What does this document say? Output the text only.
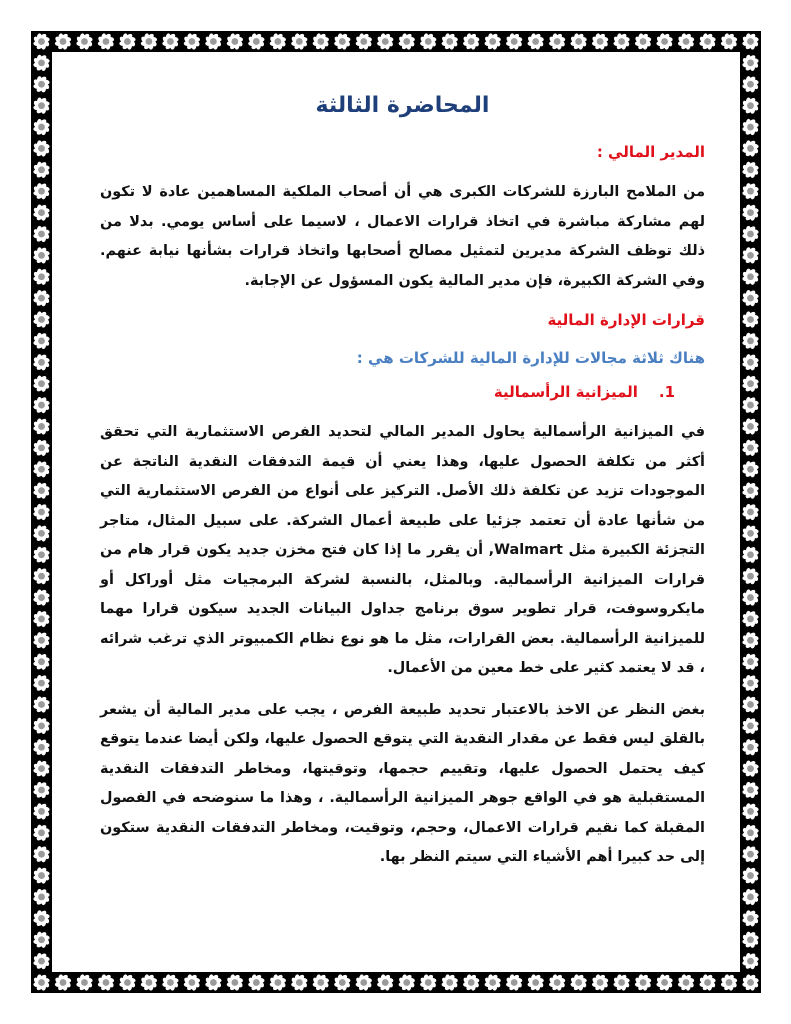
المحاضرة الثالثة
المدير المالي :

من الملامح البارزة للشركات الكبرى هي أن أصحاب الملكية المساهمين عادة لا تكون لهم مشاركة مباشرة في اتخاذ قرارات الاعمال ، لاسيما على أساس يومي. بدلا من ذلك توظف الشركة مديرين لتمثيل مصالح أصحابها واتخاذ قرارات بشأنها نيابة عنهم. وفي الشركة الكبيرة، فإن مدير المالية يكون المسؤول عن الإجابة.

قرارات الإدارة المالية
هناك ثلاثة مجالات للإدارة المالية للشركات هي :
1.    الميزانية الرأسمالية

في الميزانية الرأسمالية يحاول المدير المالي لتحديد الفرص الاستثمارية التي تحقق أكثر من تكلفة الحصول عليها، وهذا يعني أن قيمة التدفقات النقدية الناتجة عن الموجودات تزيد عن تكلفة ذلك الأصل. التركيز على أنواع من الفرص الاستثمارية التي من شأنها عادة أن تعتمد جزئيا على طبيعة أعمال الشركة. على سبيل المثال، متاجر التجزئة الكبيرة مثل Walmart, أن يقرر ما إذا كان فتح مخزن جديد يكون قرار هام من قرارات الميزانية الرأسمالية. وبالمثل، بالنسبة لشركة البرمجيات مثل أوراكل أو مايكروسوفت، قرار تطوير سوق برنامج جداول البيانات الجديد سيكون قرارا مهما للميزانية الرأسمالية. بعض القرارات، مثل ما هو نوع نظام الكمبيوتر الذي ترغب شرائه ، قد لا يعتمد كثير على خط معين من الأعمال.

بغض النظر عن الاخذ بالاعتبار تحديد طبيعة الفرص ، يجب على مدير المالية أن يشعر بالقلق ليس فقط عن مقدار النقدية التي يتوقع الحصول عليها، ولكن أيضا عندما يتوقع كيف يحتمل الحصول عليها، وتقييم حجمها، وتوقيتها، ومخاطر التدفقات النقدية المستقبلية هو في الواقع جوهر الميزانية الرأسمالية. ، وهذا ما سنوضحه في الفصول المقبلة كما نقيم قرارات الاعمال، وحجم، وتوقيت، ومخاطر التدفقات النقدية ستكون إلى حد كبيرا أهم الأشياء التي سيتم النظر بها.
